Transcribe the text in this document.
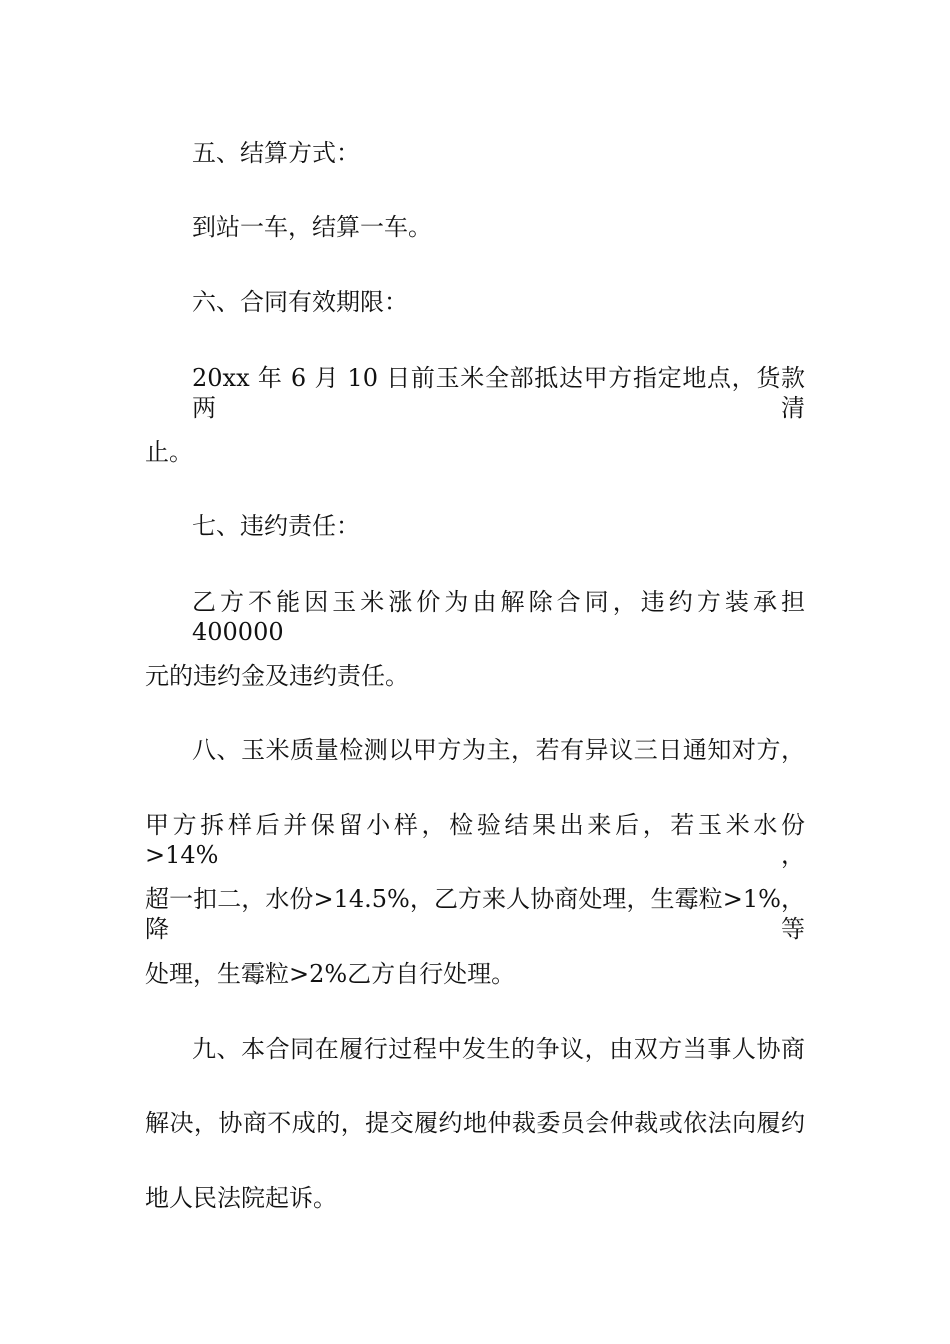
五、结算方式：
到站一车，结算一车。
六、合同有效期限：
20xx 年 6 月 10 日前玉米全部抵达甲方指定地点，货款两清
止。
七、违约责任：
乙方不能因玉米涨价为由解除合同，违约方装承担 400000
元的违约金及违约责任。
八、玉米质量检测以甲方为主，若有异议三日通知对方，
甲方拆样后并保留小样，检验结果出来后，若玉米水份>14%，
超一扣二，水份>14.5%，乙方来人协商处理，生霉粒>1%，降等
处理，生霉粒>2%乙方自行处理。
九、本合同在履行过程中发生的争议，由双方当事人协商
解决，协商不成的，提交履约地仲裁委员会仲裁或依法向履约
地人民法院起诉。
